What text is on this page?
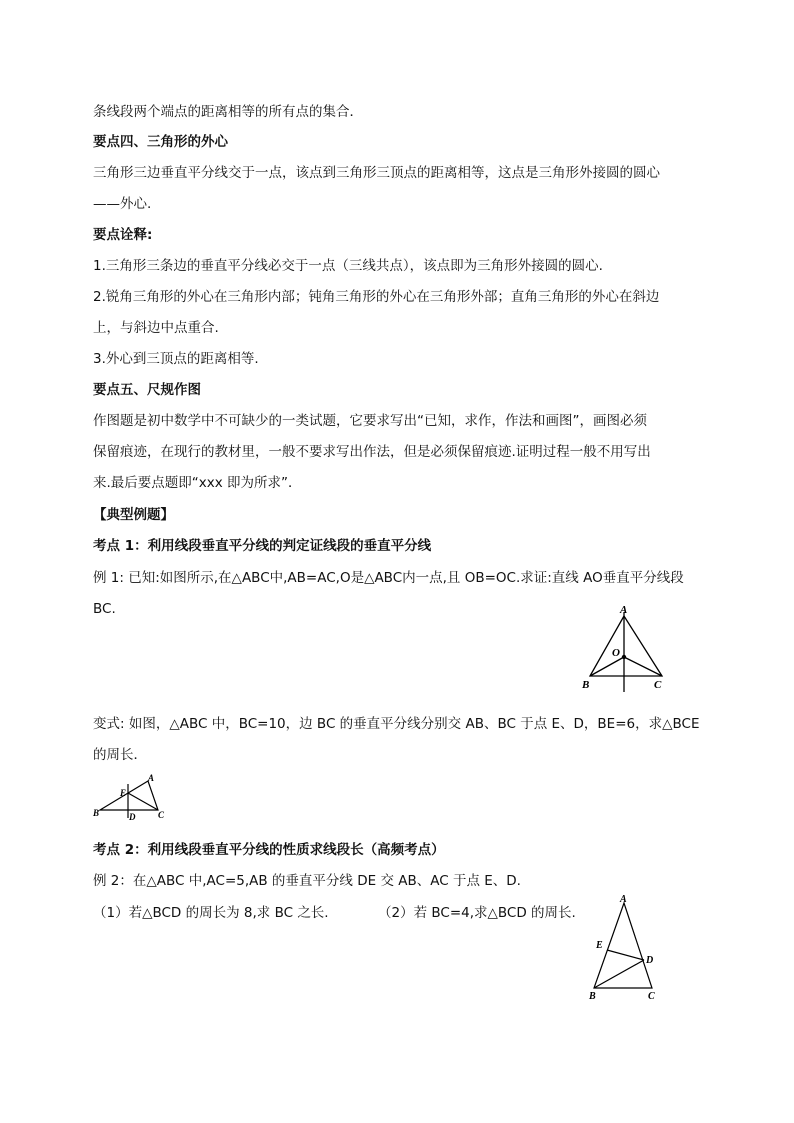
条线段两个端点的距离相等的所有点的集合．
要点四、三角形的外心
三角形三边垂直平分线交于一点，该点到三角形三顶点的距离相等，这点是三角形外接圆的圆心
——外心.
要点诠释:
1.三角形三条边的垂直平分线必交于一点（三线共点），该点即为三角形外接圆的圆心.
2.锐角三角形的外心在三角形内部；钝角三角形的外心在三角形外部；直角三角形的外心在斜边
上，与斜边中点重合.
3.外心到三顶点的距离相等.
要点五、尺规作图
作图题是初中数学中不可缺少的一类试题，它要求写出“已知，求作，作法和画图”，画图必须
保留痕迹，在现行的教材里，一般不要求写出作法，但是必须保留痕迹.证明过程一般不用写出
来.最后要点题即“xxx 即为所求”．
【典型例题】
考点 1：利用线段垂直平分线的判定证线段的垂直平分线
例 1: 已知:如图所示,在△ABC中,AB=AC,O是△ABC内一点,且 OB=OC.求证:直线 AO垂直平分线段
BC.	A
O
B	C
变式: 如图，△ABC 中，BC=10，边 BC 的垂直平分线分别交 AB、BC 于点 E、D，BE=6，求△BCE
的周长．
A
E
B	D	C
考点 2：利用线段垂直平分线的性质求线段长（高频考点）
例 2：在△ABC 中,AC=5,AB 的垂直平分线 DE 交 AB、AC 于点 E、D.
（1）若△BCD 的周长为 8,求 BC 之长.	（2）若 BC=4,求△BCD 的周长.
A
E
D
B	C
